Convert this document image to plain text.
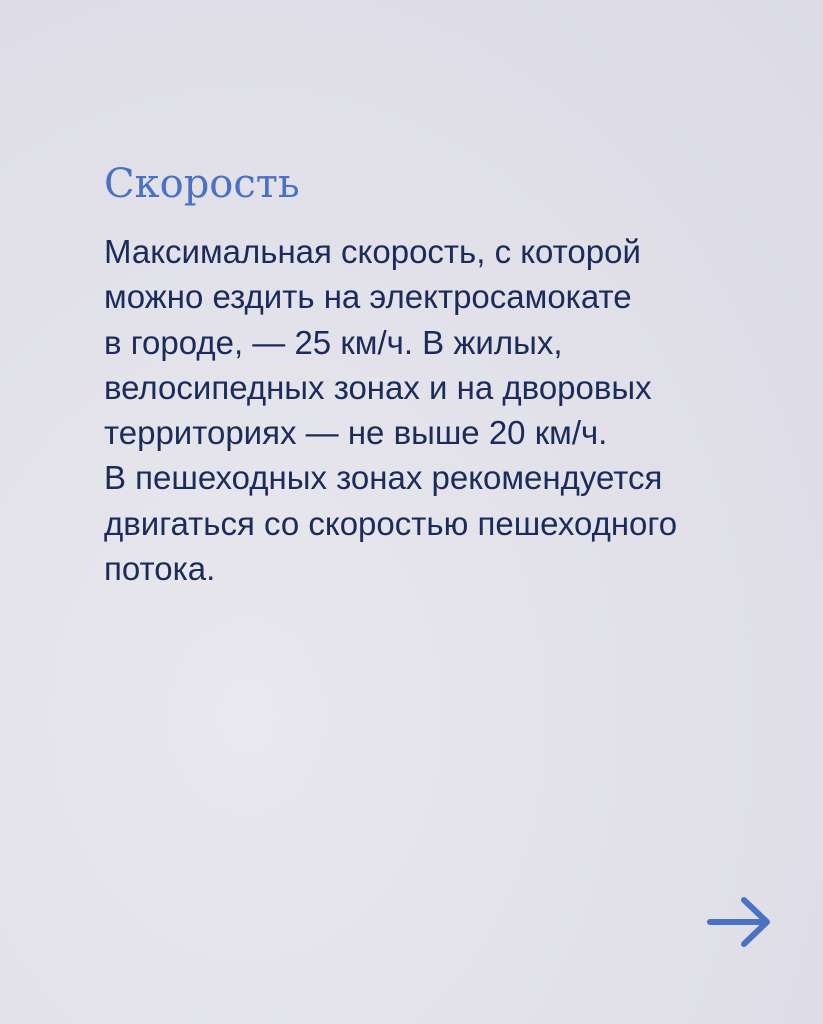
Скорость

Максимальная скорость, с которой
можно ездить на электросамокате
в городе, — 25 км/ч. В жилых,
велосипедных зонах и на дворовых
территориях — не выше 20 км/ч.
В пешеходных зонах рекомендуется
двигаться со скоростью пешеходного
потока.
